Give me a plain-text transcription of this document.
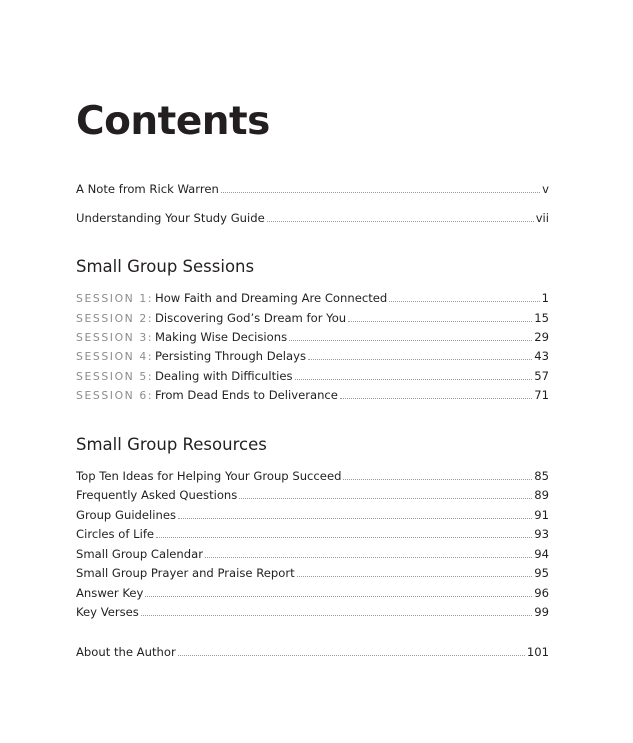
Contents
A Note from Rick Warren	v
Understanding Your Study Guide	vii
Small Group Sessions
SESSION 1: How Faith and Dreaming Are Connected	1
SESSION 2: Discovering God’s Dream for You	15
SESSION 3: Making Wise Decisions	29
SESSION 4: Persisting Through Delays	43
SESSION 5: Dealing with Difficulties	57
SESSION 6: From Dead Ends to Deliverance	71
Small Group Resources
Top Ten Ideas for Helping Your Group Succeed	85
Frequently Asked Questions	89
Group Guidelines	91
Circles of Life	93
Small Group Calendar	94
Small Group Prayer and Praise Report	95
Answer Key	96
Key Verses	99
About the Author	101
